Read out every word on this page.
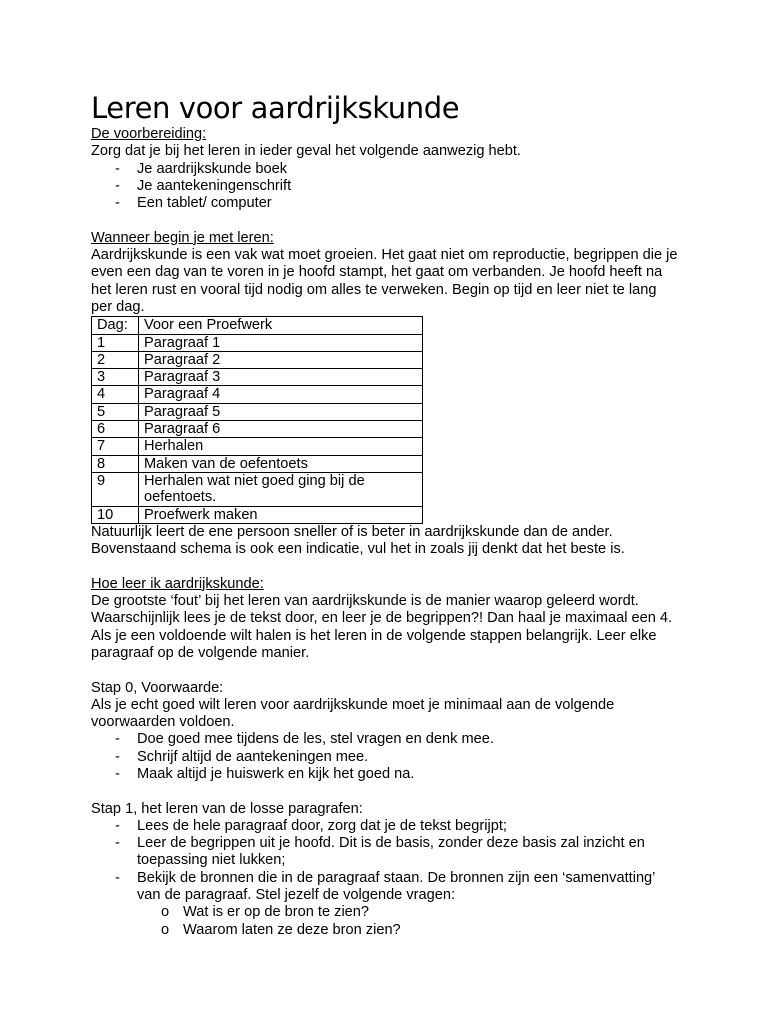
Leren voor aardrijkskunde

De voorbereiding:

Zorg dat je bij het leren in ieder geval het volgende aanwezig hebt.

- Je aardrijkskunde boek
- Je aantekeningenschrift
- Een tablet/ computer

Wanneer begin je met leren:

Aardrijkskunde is een vak wat moet groeien. Het gaat niet om reproductie, begrippen die je even een dag van te voren in je hoofd stampt, het gaat om verbanden. Je hoofd heeft na het leren rust en vooral tijd nodig om alles te verweken. Begin op tijd en leer niet te lang per dag.

Dag:	Voor een Proefwerk
1	Paragraaf 1
2	Paragraaf 2
3	Paragraaf 3
4	Paragraaf 4
5	Paragraaf 5
6	Paragraaf 6
7	Herhalen
8	Maken van de oefentoets
9	Herhalen wat niet goed ging bij de oefentoets.
10	Proefwerk maken

Natuurlijk leert de ene persoon sneller of is beter in aardrijkskunde dan de ander. Bovenstaand schema is ook een indicatie, vul het in zoals jij denkt dat het beste is.

Hoe leer ik aardrijkskunde:

De grootste ‘fout’ bij het leren van aardrijkskunde is de manier waarop geleerd wordt. Waarschijnlijk lees je de tekst door, en leer je de begrippen?! Dan haal je maximaal een 4. Als je een voldoende wilt halen is het leren in de volgende stappen belangrijk. Leer elke paragraaf op de volgende manier.

Stap 0, Voorwaarde:

Als je echt goed wilt leren voor aardrijkskunde moet je minimaal aan de volgende voorwaarden voldoen.

- Doe goed mee tijdens de les, stel vragen en denk mee.
- Schrijf altijd de aantekeningen mee.
- Maak altijd je huiswerk en kijk het goed na.

Stap 1, het leren van de losse paragrafen:

- Lees de hele paragraaf door, zorg dat je de tekst begrijpt;
- Leer de begrippen uit je hoofd. Dit is de basis, zonder deze basis zal inzicht en toepassing niet lukken;
- Bekijk de bronnen die in de paragraaf staan. De bronnen zijn een ‘samenvatting’ van de paragraaf. Stel jezelf de volgende vragen:
o Wat is er op de bron te zien?
o Waarom laten ze deze bron zien?
